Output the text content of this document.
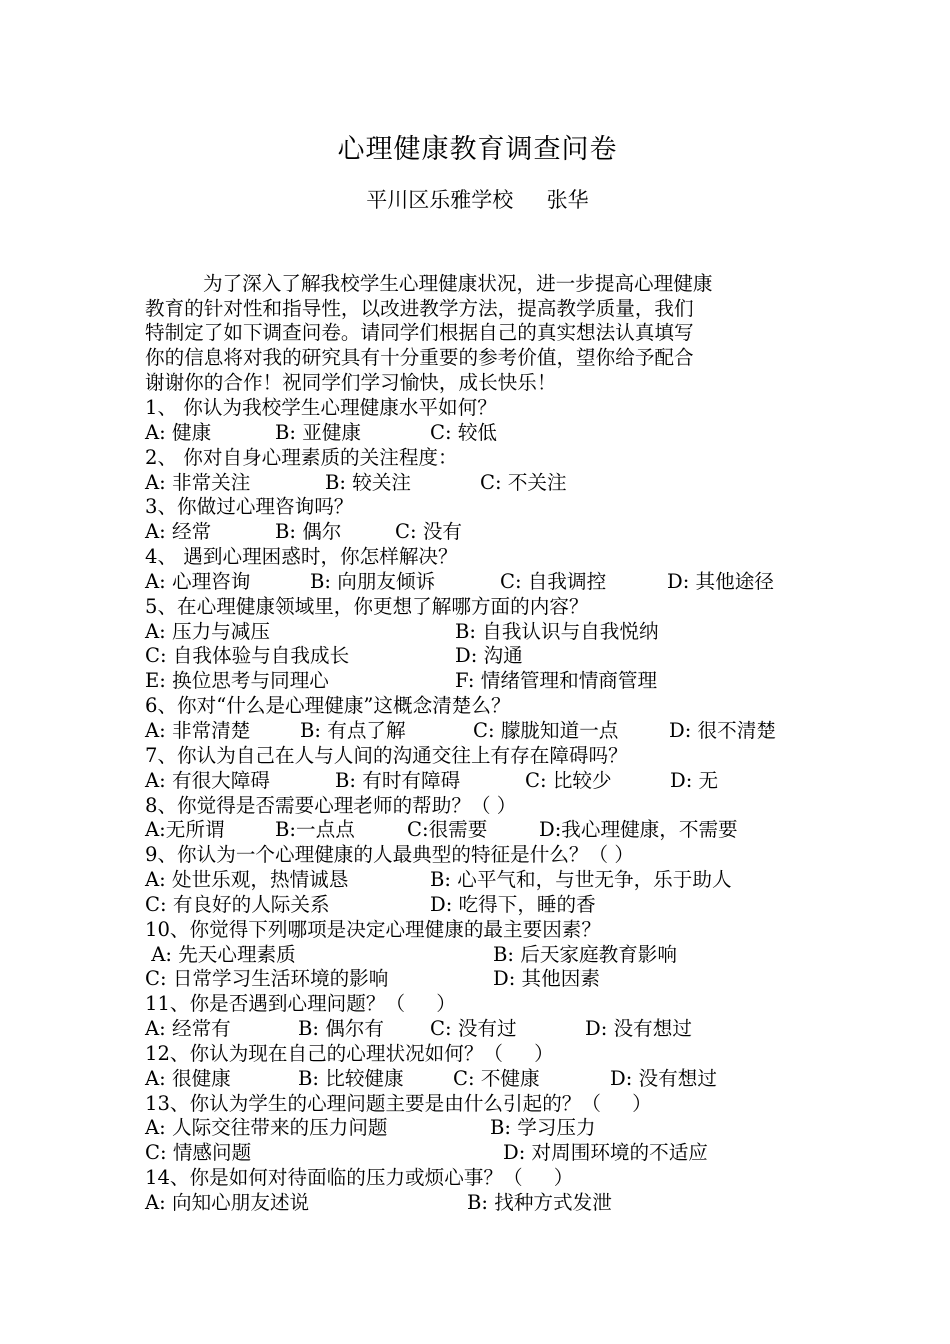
心理健康教育调查问卷
平川区乐雅学校     张华
为了深入了解我校学生心理健康状况，进一步提高心理健康
教育的针对性和指导性，以改进教学方法，提高教学质量，我们
特制定了如下调查问卷。请同学们根据自己的真实想法认真填写
你的信息将对我的研究具有十分重要的参考价值，望你给予配合
谢谢你的合作！祝同学们学习愉快，成长快乐！
1、 你认为我校学生心理健康水平如何？
A: 健康	B: 亚健康	C: 较低
2、 你对自身心理素质的关注程度：
A: 非常关注	B: 较关注	C: 不关注
3、你做过心理咨询吗？
A: 经常	B: 偶尔	C: 没有
4、 遇到心理困惑时，你怎样解决？
A: 心理咨询	B: 向朋友倾诉	C: 自我调控	D: 其他途径
5、在心理健康领域里，你更想了解哪方面的内容？
A: 压力与减压	B: 自我认识与自我悦纳
C: 自我体验与自我成长	D: 沟通
E: 换位思考与同理心	F: 情绪管理和情商管理
6、你对“什么是心理健康”这概念清楚么？
A: 非常清楚	B: 有点了解	C: 朦胧知道一点	D: 很不清楚
7、你认为自己在人与人间的沟通交往上有存在障碍吗？
A: 有很大障碍	B: 有时有障碍	C: 比较少	D: 无
8、你觉得是否需要心理老师的帮助？（ ）
A:无所谓	B:一点点	C:很需要	D:我心理健康，不需要
9、你认为一个心理健康的人最典型的特征是什么？（ ）
A: 处世乐观，热情诚恳	B: 心平气和，与世无争，乐于助人
C: 有良好的人际关系	D: 吃得下，睡的香
10、你觉得下列哪项是决定心理健康的最主要因素？
A: 先天心理素质	B: 后天家庭教育影响
C: 日常学习生活环境的影响	D: 其他因素
11、你是否遇到心理问题？（     ）
A: 经常有	B: 偶尔有 C: 没有过	D: 没有想过
12、你认为现在自己的心理状况如何？（     ）
A: 很健康	B: 比较健康	C: 不健康	D: 没有想过
13、你认为学生的心理问题主要是由什么引起的？（     ）
A: 人际交往带来的压力问题	B: 学习压力
C: 情感问题	D: 对周围环境的不适应
14、你是如何对待面临的压力或烦心事？（     ）
A: 向知心朋友述说	B: 找种方式发泄
